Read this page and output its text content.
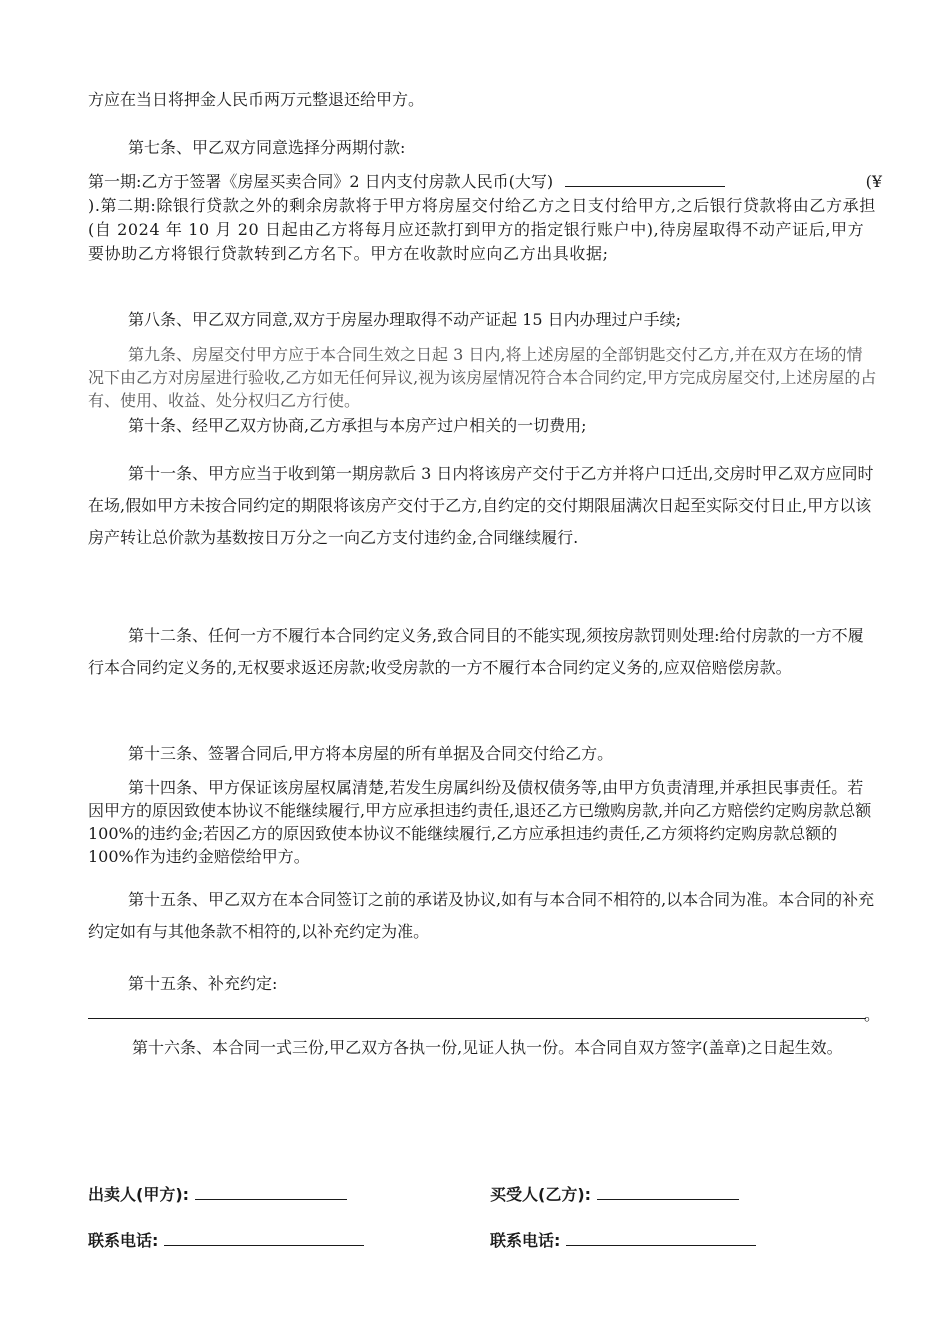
方应在当日将押金人民币两万元整退还给甲方。

第七条、甲乙双方同意选择分两期付款:

第一期:乙方于签署《房屋买卖合同》2 日内支付房款人民币(大写)	(¥
).第二期:除银行贷款之外的剩余房款将于甲方将房屋交付给乙方之日支付给甲方,之后银行贷款将由乙方承担(自 2024 年 10 月 20 日起由乙方将每月应还款打到甲方的指定银行账户中),待房屋取得不动产证后,甲方要协助乙方将银行贷款转到乙方名下。甲方在收款时应向乙方出具收据;

第八条、甲乙双方同意,双方于房屋办理取得不动产证起 15 日内办理过户手续;

第九条、房屋交付甲方应于本合同生效之日起 3 日内,将上述房屋的全部钥匙交付乙方,并在双方在场的情况下由乙方对房屋进行验收,乙方如无任何异议,视为该房屋情况符合本合同约定,甲方完成房屋交付,上述房屋的占有、使用、收益、处分权归乙方行使。

第十条、经甲乙双方协商,乙方承担与本房产过户相关的一切费用;

第十一条、甲方应当于收到第一期房款后 3 日内将该房产交付于乙方并将户口迁出,交房时甲乙双方应同时在场,假如甲方未按合同约定的期限将该房产交付于乙方,自约定的交付期限届满次日起至实际交付日止,甲方以该房产转让总价款为基数按日万分之一向乙方支付违约金,合同继续履行.

第十二条、任何一方不履行本合同约定义务,致合同目的不能实现,须按房款罚则处理:给付房款的一方不履行本合同约定义务的,无权要求返还房款;收受房款的一方不履行本合同约定义务的,应双倍赔偿房款。

第十三条、签署合同后,甲方将本房屋的所有单据及合同交付给乙方。

第十四条、甲方保证该房屋权属清楚,若发生房属纠纷及债权债务等,由甲方负责清理,并承担民事责任。若因甲方的原因致使本协议不能继续履行,甲方应承担违约责任,退还乙方已缴购房款,并向乙方赔偿约定购房款总额 100%的违约金;若因乙方的原因致使本协议不能继续履行,乙方应承担违约责任,乙方须将约定购房款总额的 100%作为违约金赔偿给甲方。

第十五条、甲乙双方在本合同签订之前的承诺及协议,如有与本合同不相符的,以本合同为准。本合同的补充约定如有与其他条款不相符的,以补充约定为准。

第十五条、补充约定:

。

第十六条、本合同一式三份,甲乙双方各执一份,见证人执一份。本合同自双方签字(盖章)之日起生效。

出卖人(甲方):	买受人(乙方):
联系电话:	联系电话:
